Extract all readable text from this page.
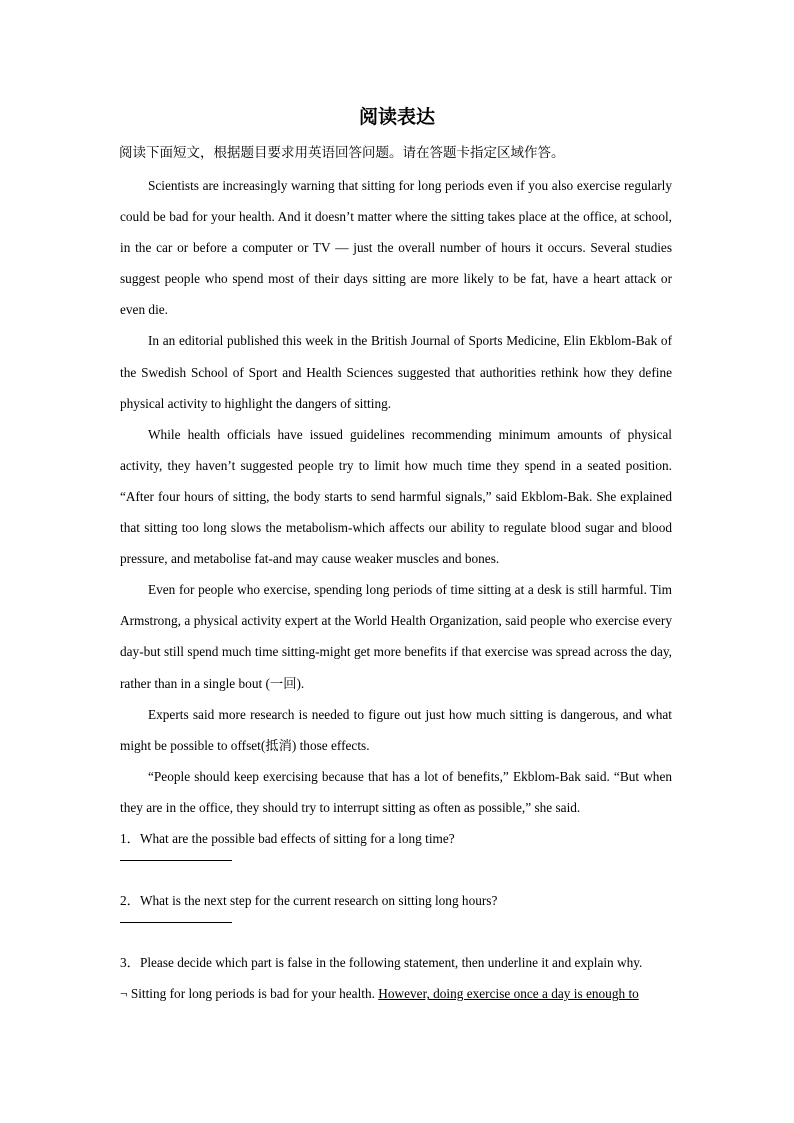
阅读表达
阅读下面短文，根据题目要求用英语回答问题。请在答题卡指定区域作答。

Scientists are increasingly warning that sitting for long periods even if you also exercise regularly could be bad for your health. And it doesn’t matter where the sitting takes place at the office, at school, in the car or before a computer or TV — just the overall number of hours it occurs. Several studies suggest people who spend most of their days sitting are more likely to be fat, have a heart attack or even die.

In an editorial published this week in the British Journal of Sports Medicine, Elin Ekblom-Bak of the Swedish School of Sport and Health Sciences suggested that authorities rethink how they define physical activity to highlight the dangers of sitting.

While health officials have issued guidelines recommending minimum amounts of physical activity, they haven’t suggested people try to limit how much time they spend in a seated position. “After four hours of sitting, the body starts to send harmful signals,” said Ekblom-Bak. She explained that sitting too long slows the metabolism-which affects our ability to regulate blood sugar and blood pressure, and metabolise fat-and may cause weaker muscles and bones.

Even for people who exercise, spending long periods of time sitting at a desk is still harmful. Tim Armstrong, a physical activity expert at the World Health Organization, said people who exercise every day-but still spend much time sitting-might get more benefits if that exercise was spread across the day, rather than in a single bout (一回).

Experts said more research is needed to figure out just how much sitting is dangerous, and what might be possible to offset(抵消) those effects.

“People should keep exercising because that has a lot of benefits,” Ekblom-Bak said. “But when they are in the office, they should try to interrupt sitting as often as possible,” she said.

1．What are the possible bad effects of sitting for a long time?
2．What is the next step for the current research on sitting long hours?
3．Please decide which part is false in the following statement, then underline it and explain why.
¬ Sitting for long periods is bad for your health. However, doing exercise once a day is enough to
